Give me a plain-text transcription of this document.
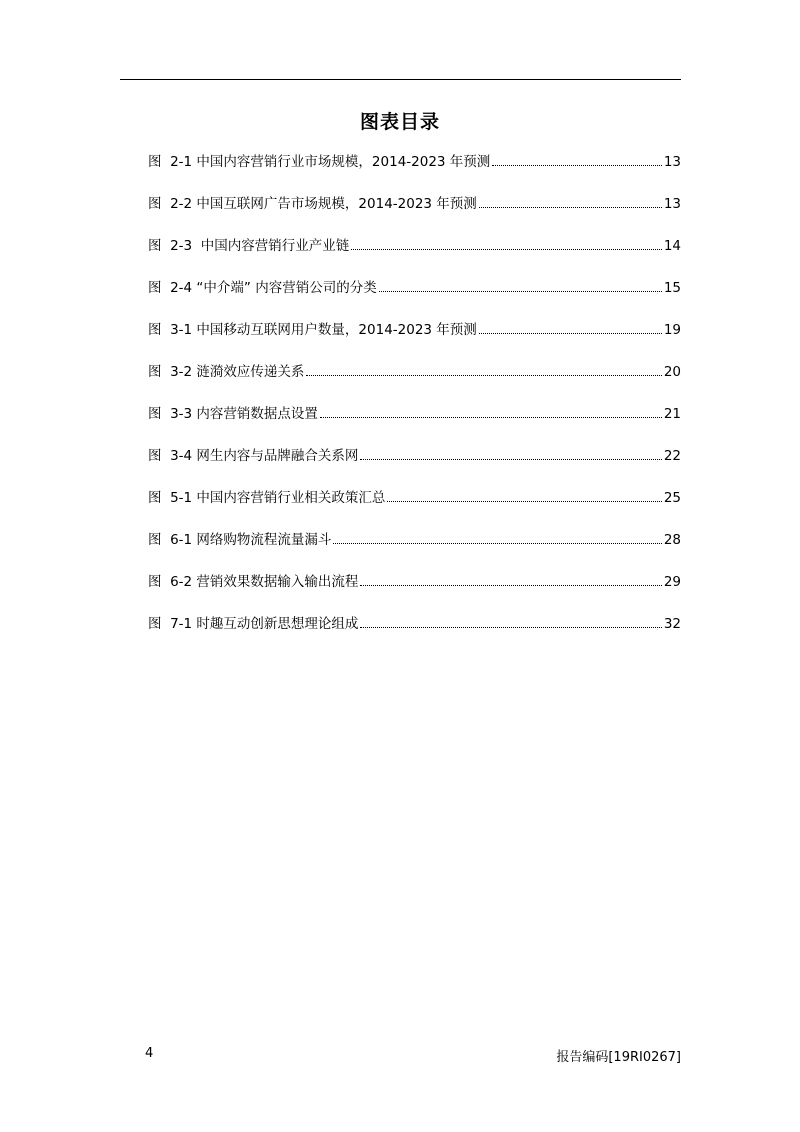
图表目录
图  2-1 中国内容营销行业市场规模，2014-2023 年预测	13
图  2-2 中国互联网广告市场规模，2014-2023 年预测	13
图  2-3  中国内容营销行业产业链	14
图  2-4 “中介端” 内容营销公司的分类	15
图  3-1 中国移动互联网用户数量，2014-2023 年预测	19
图  3-2 涟漪效应传递关系	20
图  3-3 内容营销数据点设置	21
图  3-4 网生内容与品牌融合关系网	22
图  5-1 中国内容营销行业相关政策汇总	25
图  6-1 网络购物流程流量漏斗	28
图  6-2 营销效果数据输入输出流程	29
图  7-1 时趣互动创新思想理论组成	32
4	报告编码[19RI0267]
